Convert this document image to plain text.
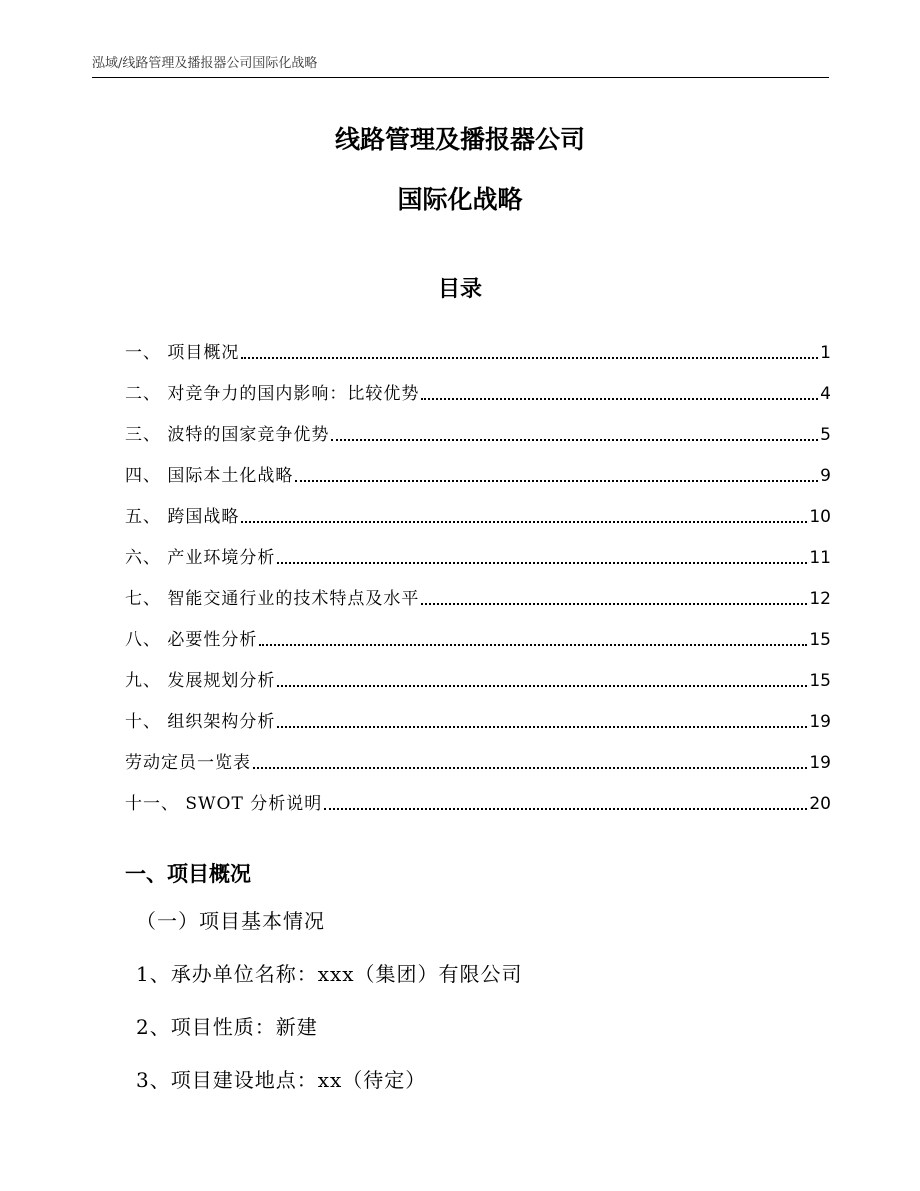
泓域/线路管理及播报器公司国际化战略
线路管理及播报器公司
国际化战略
目录
一、 项目概况	1
二、 对竞争力的国内影响：比较优势	4
三、 波特的国家竞争优势	5
四、 国际本土化战略	9
五、 跨国战略	10
六、 产业环境分析	11
七、 智能交通行业的技术特点及水平	12
八、 必要性分析	15
九、 发展规划分析	15
十、 组织架构分析	19
劳动定员一览表	19
十一、 SWOT 分析说明	20
一、项目概况
（一）项目基本情况
1、承办单位名称：xxx（集团）有限公司
2、项目性质：新建
3、项目建设地点：xx（待定）
